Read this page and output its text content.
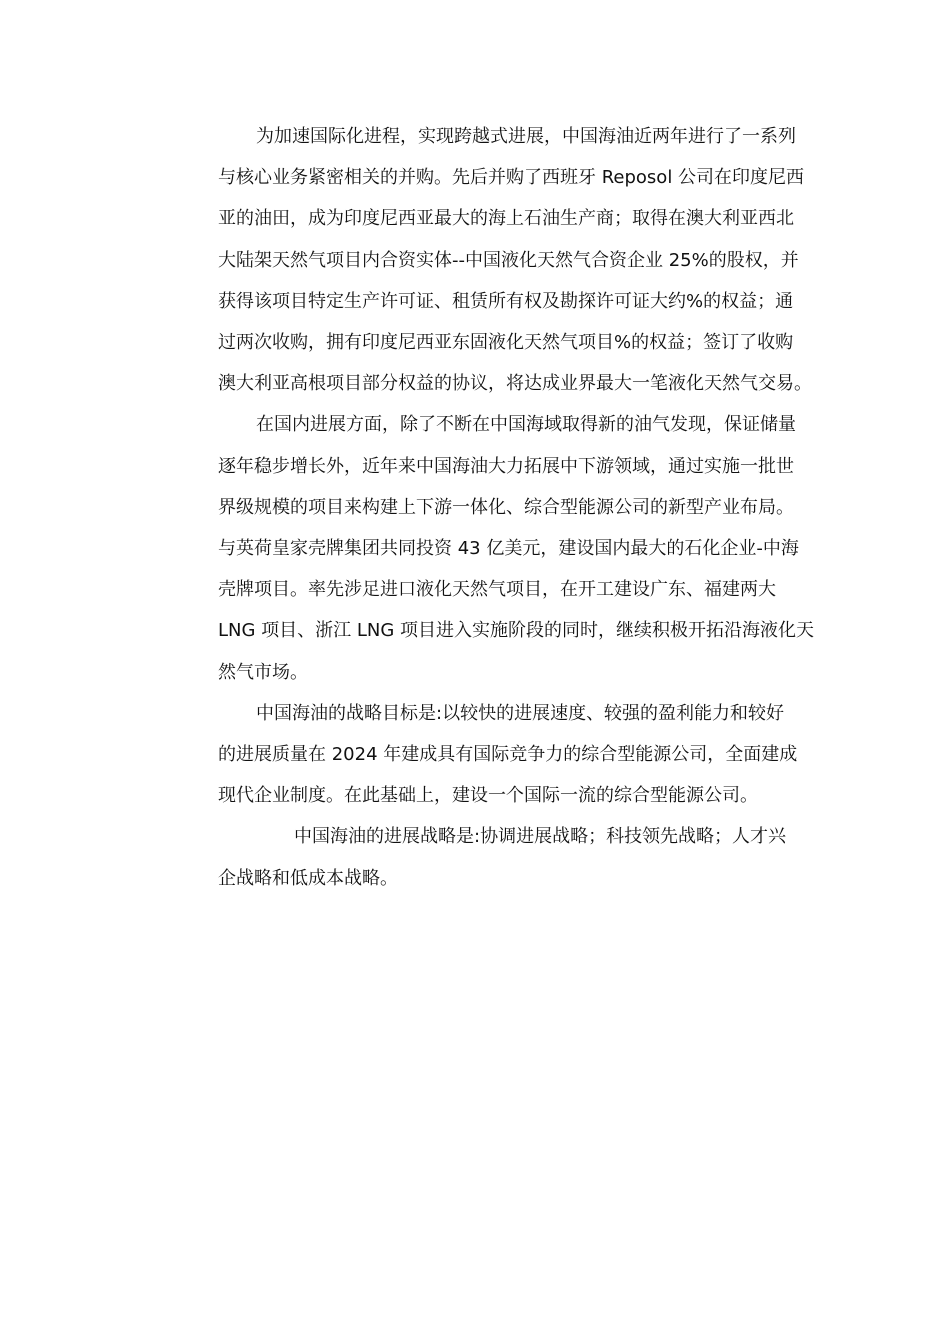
为加速国际化进程，实现跨越式进展，中国海油近两年进行了一系列
与核心业务紧密相关的并购。先后并购了西班牙 Reposol 公司在印度尼西
亚的油田，成为印度尼西亚最大的海上石油生产商；取得在澳大利亚西北
大陆架天然气项目内合资实体--中国液化天然气合资企业 25%的股权，并
获得该项目特定生产许可证、租赁所有权及勘探许可证大约%的权益；通
过两次收购，拥有印度尼西亚东固液化天然气项目%的权益；签订了收购
澳大利亚高根项目部分权益的协议，将达成业界最大一笔液化天然气交易。

在国内进展方面，除了不断在中国海域取得新的油气发现，保证储量
逐年稳步增长外，近年来中国海油大力拓展中下游领域，通过实施一批世
界级规模的项目来构建上下游一体化、综合型能源公司的新型产业布局。
与英荷皇家壳牌集团共同投资 43 亿美元，建设国内最大的石化企业-中海
壳牌项目。率先涉足进口液化天然气项目，在开工建设广东、福建两大
LNG 项目、浙江 LNG 项目进入实施阶段的同时，继续积极开拓沿海液化天
然气市场。

中国海油的战略目标是:以较快的进展速度、较强的盈利能力和较好
的进展质量在 2024 年建成具有国际竞争力的综合型能源公司，全面建成
现代企业制度。在此基础上，建设一个国际一流的综合型能源公司。

中国海油的进展战略是:协调进展战略；科技领先战略；人才兴
企战略和低成本战略。
